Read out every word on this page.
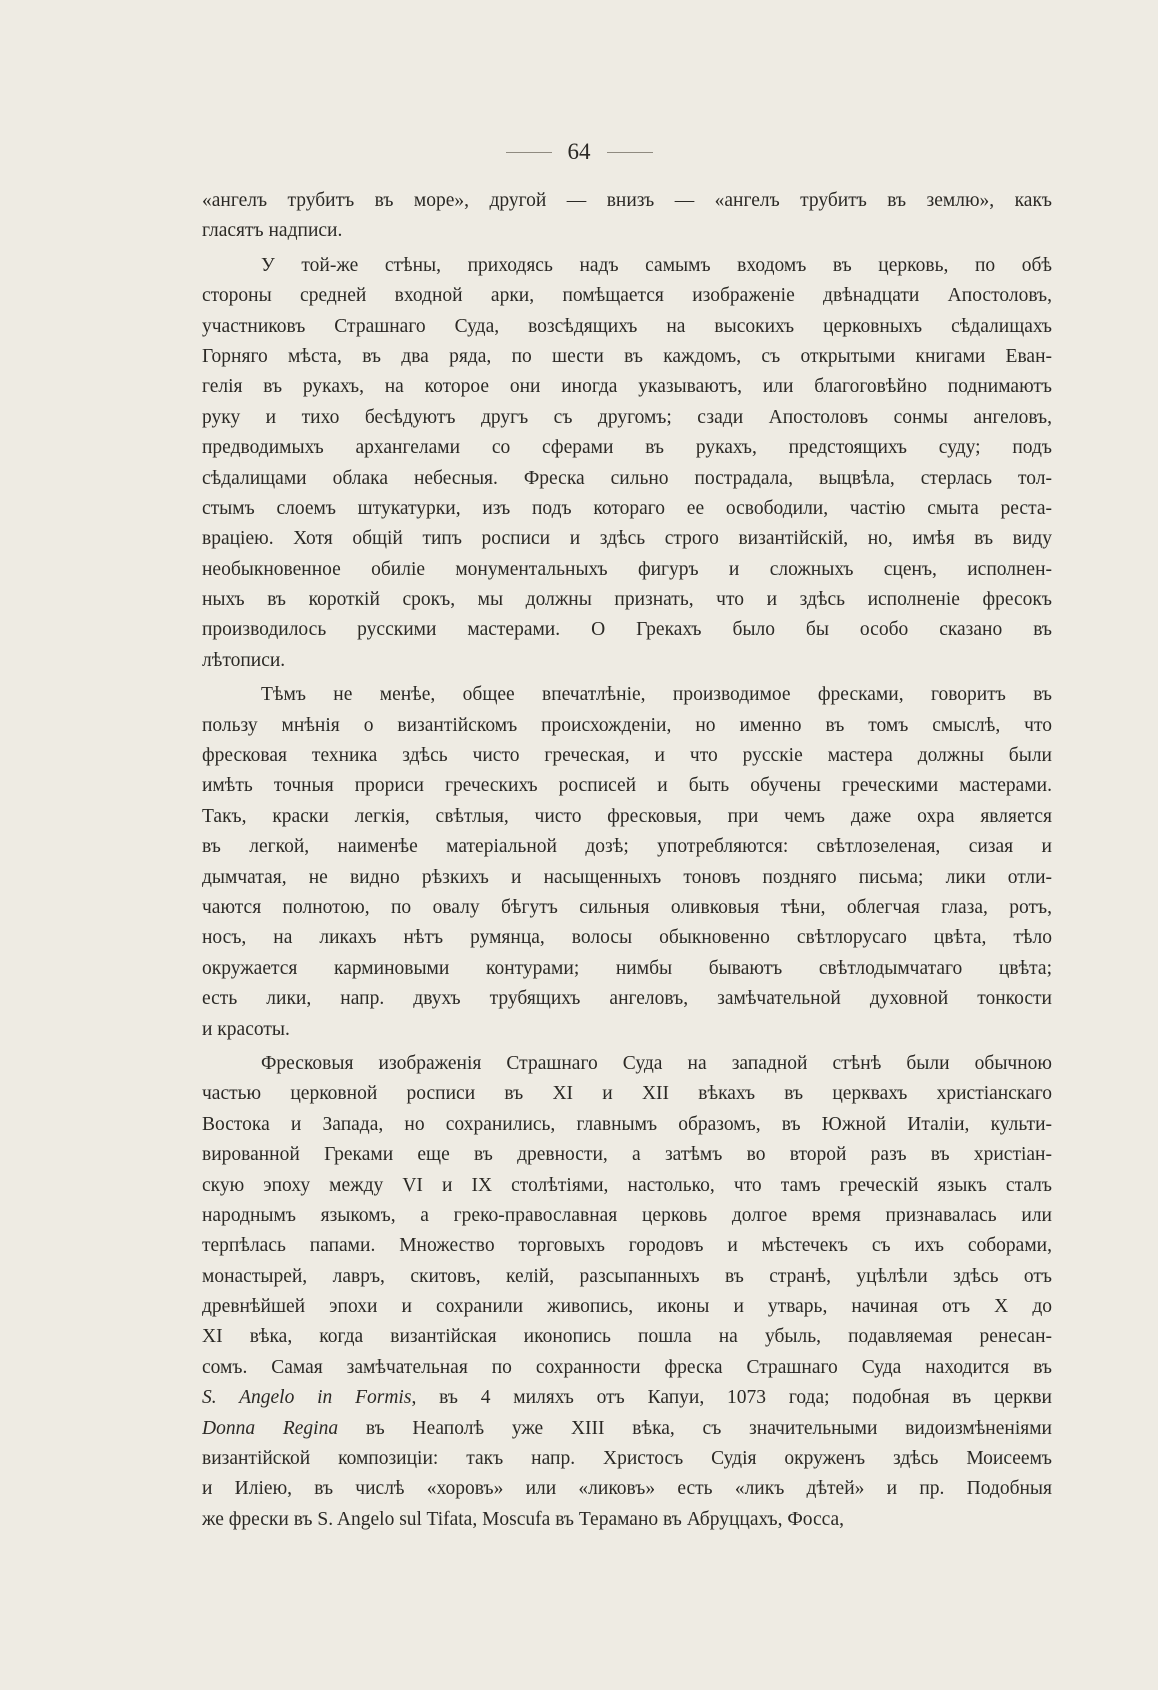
64
«ангелъ трубитъ въ море», другой — внизъ — «ангелъ трубитъ въ землю», какъ
гласятъ надписи.
У той-же стѣны, приходясь надъ самымъ входомъ въ церковь, по обѣ
стороны средней входной арки, помѣщается изображенiе двѣнадцати Апостоловъ,
участниковъ Страшнаго Суда, возсѣдящихъ на высокихъ церковныхъ сѣдалищахъ
Горняго мѣста, въ два ряда, по шести въ каждомъ, съ открытыми книгами Еван-
гелiя въ рукахъ, на которое они иногда указываютъ, или благоговѣйно поднимаютъ
руку и тихо бесѣдуютъ другъ съ другомъ; сзади Апостоловъ сонмы ангеловъ,
предводимыхъ архангелами со сферами въ рукахъ, предстоящихъ суду; подъ
сѣдалищами облака небесныя. Фреска сильно пострадала, выцвѣла, стерлась тол-
стымъ слоемъ штукатурки, изъ подъ котораго ее освободили, частiю смыта реста-
врацiею. Хотя общiй типъ росписи и здѣсь строго византiйскiй, но, имѣя въ виду
необыкновенное обилiе монументальныхъ фигуръ и сложныхъ сценъ, исполнен-
ныхъ въ короткiй срокъ, мы должны признать, что и здѣсь исполненiе фресокъ
производилось русскими мастерами. О Грекахъ было бы особо сказано въ
лѣтописи.
Тѣмъ не менѣе, общее впечатлѣнiе, производимое фресками, говоритъ въ
пользу мнѣнiя о византiйскомъ происхожденiи, но именно въ томъ смыслѣ, что
фресковая техника здѣсь чисто греческая, и что русскiе мастера должны были
имѣть точныя прориси греческихъ росписей и быть обучены греческими мастерами.
Такъ, краски легкiя, свѣтлыя, чисто фресковыя, при чемъ даже охра является
въ легкой, наименѣе матерiальной дозѣ; употребляются: свѣтлозеленая, сизая и
дымчатая, не видно рѣзкихъ и насыщенныхъ тоновъ поздняго письма; лики отли-
чаются полнотою, по овалу бѣгутъ сильныя оливковыя тѣни, облегчая глаза, ротъ,
носъ, на ликахъ нѣтъ румянца, волосы обыкновенно свѣтлорусаго цвѣта, тѣло
окружается карминовыми контурами; нимбы бываютъ свѣтлодымчатаго цвѣта;
есть лики, напр. двухъ трубящихъ ангеловъ, замѣчательной духовной тонкости
и красоты.
Фресковыя изображенiя Страшнаго Суда на западной стѣнѣ были обычною
частью церковной росписи въ XI и XII вѣкахъ въ церквахъ христiанскаго
Востока и Запада, но сохранились, главнымъ образомъ, въ Южной Италiи, культи-
вированной Греками еще въ древности, а затѣмъ во второй разъ въ христiан-
скую эпоху между VI и IX столѣтiями, настолько, что тамъ греческiй языкъ сталъ
народнымъ языкомъ, а греко-православная церковь долгое время признавалась или
терпѣлась папами. Множество торговыхъ городовъ и мѣстечекъ съ ихъ соборами,
монастырей, лавръ, скитовъ, келiй, разсыпанныхъ въ странѣ, уцѣлѣли здѣсь отъ
древнѣйшей эпохи и сохранили живопись, иконы и утварь, начиная отъ X до
XI вѣка, когда византiйская иконопись пошла на убыль, подавляемая ренесан-
сомъ. Самая замѣчательная по сохранности фреска Страшнаго Суда находится въ
S. Angelo in Formis, въ 4 миляхъ отъ Капуи, 1073 года; подобная въ церкви
Donna Regina въ Неаполѣ уже XIII вѣка, съ значительными видоизмѣненiями
византiйской композицiи: такъ напр. Христосъ Судiя окруженъ здѣсь Моисеемъ
и Илiею, въ числѣ «хоровъ» или «ликовъ» есть «ликъ дѣтей» и пр. Подобныя
же фрески въ S. Angelo sul Tifata, Moscufa въ Терамано въ Абруццахъ, Фосса,
